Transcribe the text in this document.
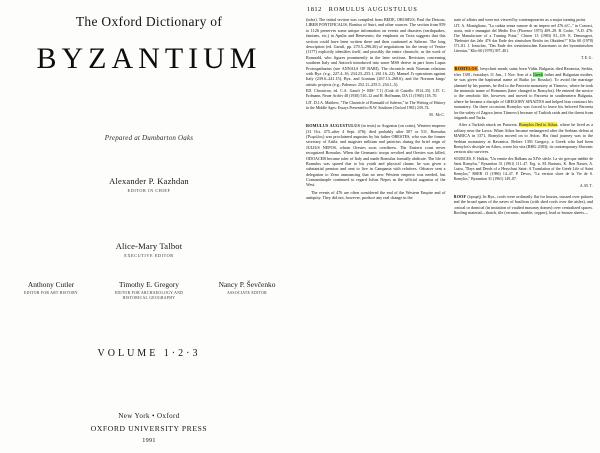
The Oxford Dictionary of
BYZANTIUM
Prepared at Dumbarton Oaks
Alexander P. Kazhdan
EDITOR IN CHIEF
Alice-Mary Talbot
EXECUTIVE EDITOR
Anthony Cutler
EDITOR FOR ART HISTORY
Timothy E. Gregory
EDITOR FOR ARCHAEOLOGY AND HISTORICAL GEOGRAPHY
Nancy P. Ševčenko
ASSOCIATE EDITOR
VOLUME 1·2·3
New York • Oxford
OXFORD UNIVERSITY PRESS
1991
1812 ROMULUS AUGUSTULUS

(infra). The initial section was compiled from BEDE, OROSIUS, Paul the Deacon, LIBER PONTIFICALIS, Bonitus of Sutri, and other sources. The section from 859 to 1126 preserves some unique information on events and disasters (earthquakes, famines, etc.) in Apulia and Beneventо; the emphasis on Troia suggests that this section could have been written there and then continued at Salerno. The long description (ed. Garufi, pp. 270.5–296.26) of negotiations for the treaty of Venice (1177) explicitly identifies itself, and possibly the entire chronicle, as the work of Romuald, who figures prominently in the later sections. Revisions concerning southern Italy and Antioch introduced into some MSS derive in part from Lupus Protospatharius (see ANNALS OF BARI). The chronicle ends Norman relations with Byz. (e.g., 227.4–16, 234.23–255.1, 261.16–22). Manuel I's operations against Italy (239.6–241.15), Byz. and Iconium (267.13–268.6), and the Norman kings' artistic projects (e.g., Palermo: 252.11–255.5, 254.1–5).

ED. Chronicon, ed. C.A. Garufi [= RIS² 7.1] (Città di Castello 1914–35). LIT. C. Erdmann, Neuer Archiv 48 (1930) 510–12 and H. Hoffmann, DA 11 (1965) 118–70.

LIT. D.J.A. Matthew, "The Chronicle of Romuald of Salerno," in The Writing of History in the Middle Ages: Essays Presented to R.W. Southern (Oxford 1981) 239–74.

M. McC.

ROMULUS AUGUSTULUS (in texts) or Augustus (on coins), Western emperor (31 Oct. 475–after 4 Sept. 476); died probably after 507 or 511. Romulus (Ῥωμύλος) was proclaimed augustus by his father ORESTES, who was the former secretary of Attila, and magister militum and patricius during the brief reign of JULIUS NEPOS, whom Orestes soon overthrew. The Eastern court never recognized Romulus. When the Germanic troops revolted and Orestes was killed, ODOACER became ruler of Italy and made Romulus formally abdicate. The life of Romulus was spared due to his youth and physical charm; he was given a substantial pension and sent to live in Campania with relatives. Odoacer sent a delegation to Zeno announcing that no new Western emperor was needed, but Constantinople continued to regard Julius Nepos as the official augustus of the West.

The events of 476 are often considered the end of the Western Empire and of antiquity. They did not, however, produce any real change in the

state of affairs and were not viewed by contemporaries as a major turning point.

LIT. A. Momigliano, "La caduta senza rumore di un impero nel 476 d.C.," in Conosci, storia, miti e immagini del Medio Evo (Florence 1973) 409–28. B. Croke, "A.D. 476: The Manufacture of a Turning Point," Chiron 13 (1983) 81–119. E. Demougeot, "Bedeutet das Jahr 476 das Ende des römischen Reichs im Okzident?" Klio 60 (1978) 371–81. J. Irmscher, "Das Ende des weströmischen Kaisertums in der byzantinischen Literatur," Klio 60 (1978) 397–401.

T.E.G.

ROMYLOS, hesychast monk; saint; born Vidin, Bulgaria; died Ravanica, Serbia, after 1381; feastdays 11 Jan., 1 Nov. Son of a Greek father and Bulgarian mother, he was given the baptismal name of Raiko (or Rousko). To avoid the marriage planned by his parents, he fled to the Paroreia monastery at Tŭrnovo, where he took the monastic name of Romanos (later changed to Romylos). He entered the novice to the cenobitic life, however, and moved to Paroreia in southeastern Bulgaria, where he became a disciple of GREGORY SINAITES and helped him construct his monastery. On three occasions Romylos was forced to leave his beloved Paroreia for the safety of Zagora (near Tŭrnovo) because of Turkish raids and the threat from brigands and Turks.

After a Turkish attack on Paroreia, Romylos fled to Athos, where he lived as a solitary near the Lavra. When Athos became endangered after the Serbian defeat at MARICA in 1371, Romylos moved on to Avlon. His final journey was to the Serbian monastery at Ravanica. Before 1391 Gregory, a Greek who had been Romylos's disciple on Athos, wrote his vita (BHG 2383); its contemporary Slavonic version also survives.

SOURCES. F. Halkin, "Un ermite des Balkans au XIVe siècle. La vie grecque inédite de Saint Romylos," Byzantion 31 (1961) 111–47. Erg. tr. M. Bartusis, K. Ben Nasser, A. Laiou, "Days and Deeds of a Hesychast Saint: A Translation of the Greek Life of Saint Romylos," BSEB 13 (1986) 14–47. P. Devos, "La version slave de la Vie de S. Romylos," Byzantion 31 (1961) 149–87.

A.M.T.

ROOF (ὀροφή). In Byz., roofs were ordinarily flat for houses, trussed over palaces and the broad spans of the naves of basilicas (with shed roofs over the aisles), and conical or domical (in imitation of vaulted masonry domes) over centralized spaces. Roofing material—thatch, tile (ceramic, marble, copper), lead or bronze sheets—
